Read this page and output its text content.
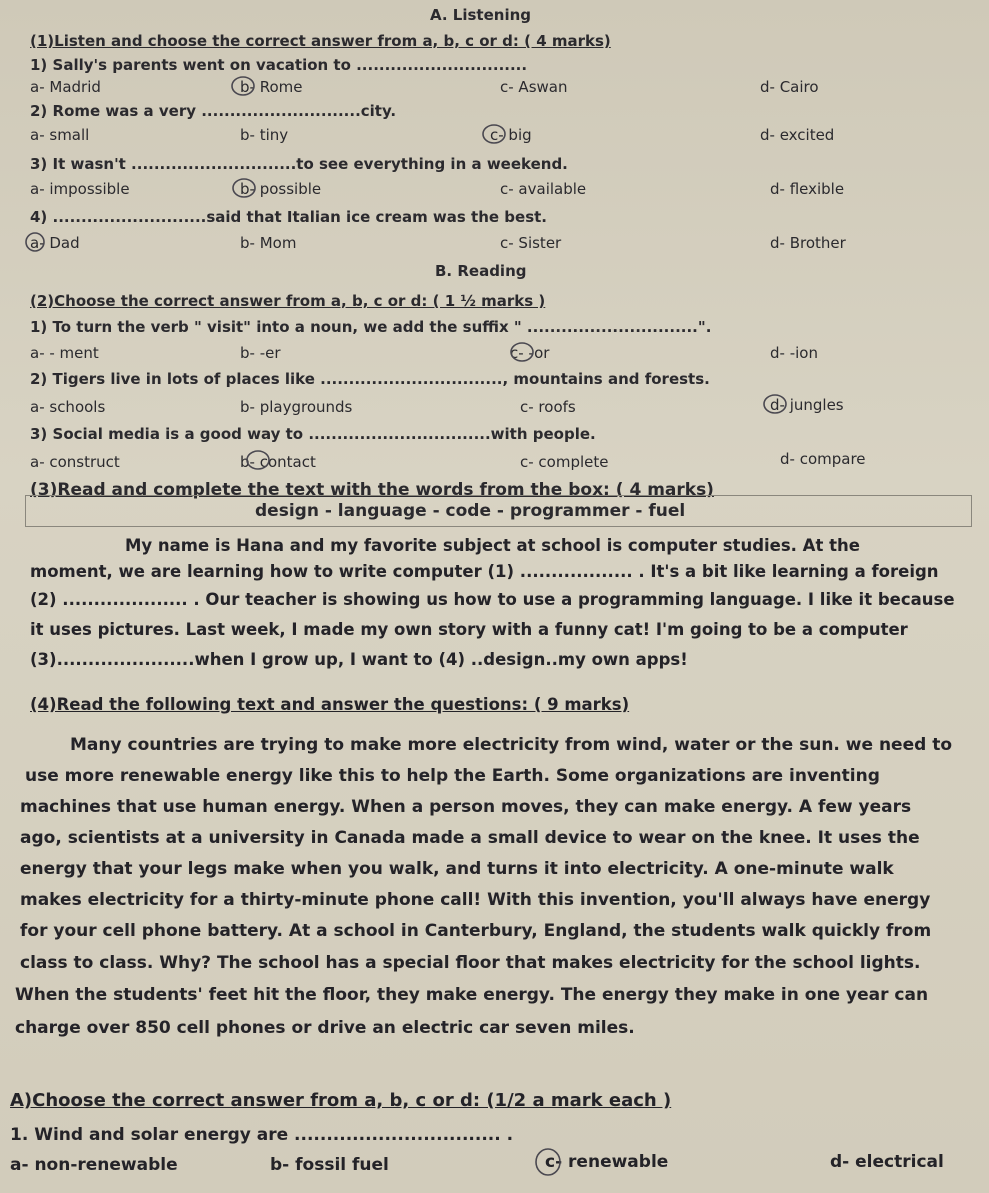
A. Listening
(1)Listen and choose the correct answer from a, b, c or d: ( 4 marks)
1) Sally's parents went on vacation to ..............................
a- Madrid	b- Rome	c- Aswan	d- Cairo
2) Rome was a very ............................city.
a- small	b- tiny	c- big	d- excited
3) It wasn't .............................to see everything in a weekend.
a- impossible	b- possible	c- available	d- flexible
4) ...........................said that Italian ice cream was the best.
a- Dad	b- Mom	c- Sister	d- Brother
B. Reading
(2)Choose the correct answer from a, b, c or d: ( 1 ½ marks )
1) To turn the verb " visit" into a noun, we add the suffix " ..............................".
a- - ment	b- -er	c- -or	d- -ion
2) Tigers live in lots of places like ................................, mountains and forests.
a- schools	b- playgrounds	c- roofs	d- jungles
3) Social media is a good way to ................................with people.
a- construct	b- contact	c- complete	d- compare
(3)Read and complete the text with the words from the box: ( 4 marks)
design - language - code - programmer - fuel
My name is Hana and my favorite subject at school is computer studies. At the
moment, we are learning how to write computer (1) .................. . It's a bit like learning a foreign
(2) .................... . Our teacher is showing us how to use a programming language. I like it because
it uses pictures. Last week, I made my own story with a funny cat! I'm going to be a computer
(3)......................when I grow up, I want to (4) ..design..my own apps!
(4)Read the following text and answer the questions: ( 9 marks)
Many countries are trying to make more electricity from wind, water or the sun. we need to
use more renewable energy like this to help the Earth. Some organizations are inventing
machines that use human energy. When a person moves, they can make energy. A few years
ago, scientists at a university in Canada made a small device to wear on the knee. It uses the
energy that your legs make when you walk, and turns it into electricity. A one-minute walk
makes electricity for a thirty-minute phone call! With this invention, you'll always have energy
for your cell phone battery. At a school in Canterbury, England, the students walk quickly from
class to class. Why? The school has a special floor that makes electricity for the school lights.
When the students' feet hit the floor, they make energy. The energy they make in one year can
charge over 850 cell phones or drive an electric car seven miles.
A)Choose the correct answer from a, b, c or d: (1/2 a mark each )
1. Wind and solar energy are ................................ .
a- non-renewable	b- fossil fuel	c- renewable	d- electrical
